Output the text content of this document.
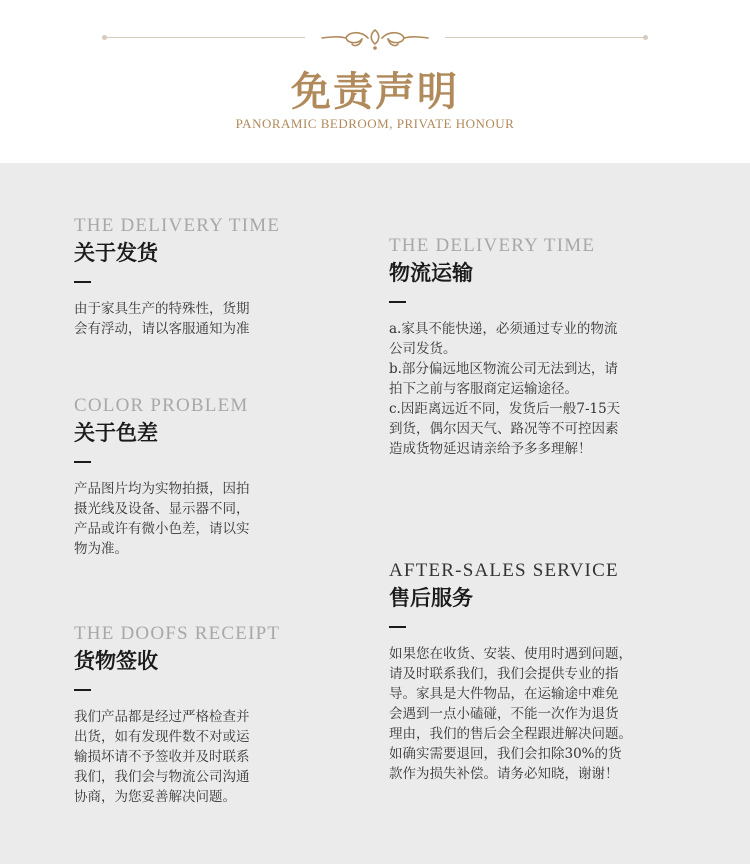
免责声明
PANORAMIC BEDROOM, PRIVATE HONOUR
THE DELIVERY TIME
关于发货

由于家具生产的特殊性，货期

会有浮动，请以客服通知为准

THE DELIVERY TIME
物流运输

a.家具不能快递，必须通过专业的物流

公司发货。

b.部分偏远地区物流公司无法到达，请

拍下之前与客服商定运输途径。

c.因距离远近不同，发货后一般7-15天

到货，偶尔因天气、路况等不可控因素

造成货物延迟请亲给予多多理解！

COLOR PROBLEM
关于色差

产品图片均为实物拍摄，因拍

摄光线及设备、显示器不同，

产品或许有微小色差，请以实

物为准。

AFTER-SALES SERVICE
售后服务

如果您在收货、安装、使用时遇到问题，

请及时联系我们，我们会提供专业的指

导。家具是大件物品，在运输途中难免

会遇到一点小磕碰，不能一次作为退货

理由，我们的售后会全程跟进解决问题。

如确实需要退回，我们会扣除30%的货

款作为损失补偿。请务必知晓，谢谢！

THE DOOFS RECEIPT
货物签收

我们产品都是经过严格检查并

出货，如有发现件数不对或运

输损坏请不予签收并及时联系

我们，我们会与物流公司沟通

协商，为您妥善解决问题。
